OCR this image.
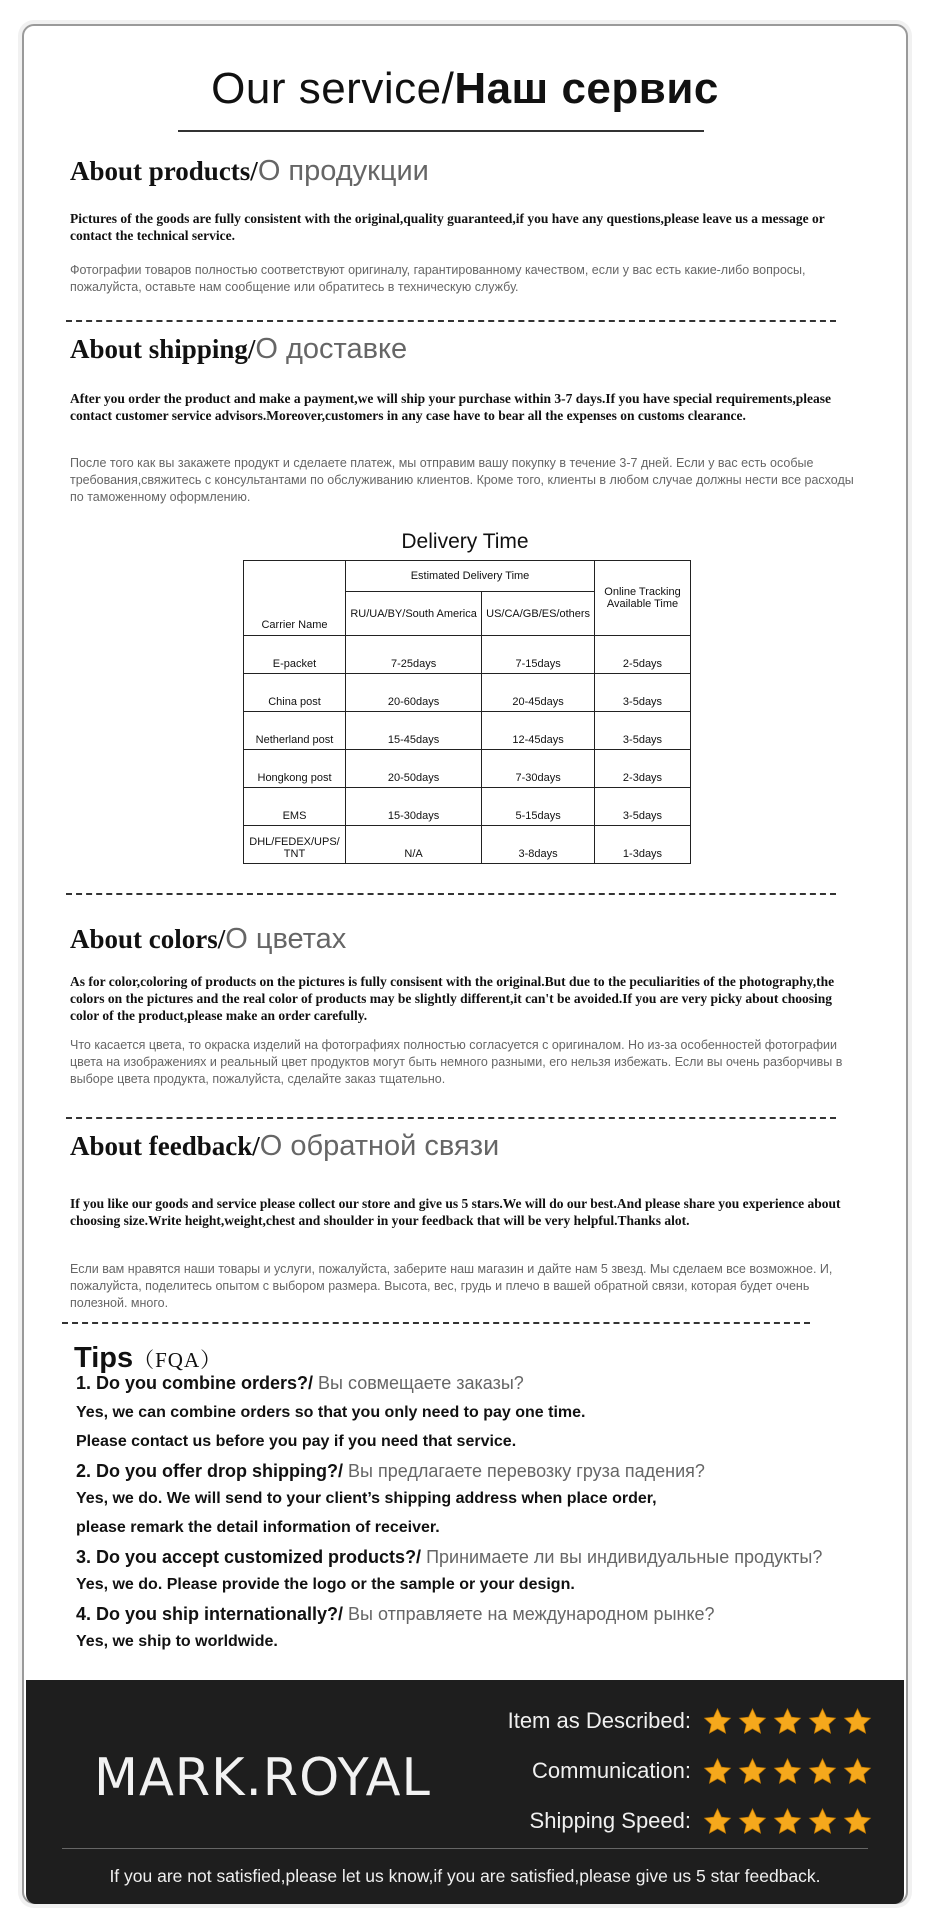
Our service/Наш сервис
About products/О продукции
Pictures of the goods are fully consistent with the original,quality guaranteed,if you have any questions,please leave us a message or contact the technical service.
Фотографии товаров полностью соответствуют оригиналу, гарантированному качеством, если у вас есть какие-либо вопросы, пожалуйста, оставьте нам сообщение или обратитесь в техническую службу.
About shipping/О доставке
After you order the product and make a payment,we will ship your purchase within 3-7 days.If you have special requirements,please contact customer service advisors.Moreover,customers in any case have to bear all the expenses on customs clearance.
После того как вы закажете продукт и сделаете платеж, мы отправим вашу покупку в течение 3-7 дней. Если у вас есть особые требования,свяжитесь с консультантами по обслуживанию клиентов. Кроме того, клиенты в любом случае должны нести все расходы по таможенному оформлению.
Delivery Time
Carrier Name	Estimated Delivery Time		Online Tracking Available Time
	RU/UA/BY/South America	US/CA/GB/ES/others	
E-packet	7-25days	7-15days	2-5days
China post	20-60days	20-45days	3-5days
Netherland post	15-45days	12-45days	3-5days
Hongkong post	20-50days	7-30days	2-3days
EMS	15-30days	5-15days	3-5days
DHL/FEDEX/UPS/ TNT	N/A	3-8days	1-3days
About colors/О цветах
As for color,coloring of products on the pictures is fully consisent with the original.But due to the peculiarities of the photography,the colors on the pictures and the real color of products may be slightly different,it can't be avoided.If you are very picky about choosing color of the product,please make an order carefully.
Что касается цвета, то окраска изделий на фотографиях полностью согласуется с оригиналом. Но из-за особенностей фотографии цвета на изображениях и реальный цвет продуктов могут быть немного разными, его нельзя избежать. Если вы очень разборчивы в выборе цвета продукта, пожалуйста, сделайте заказ тщательно.
About feedback/О обратной связи
If you like our goods and service please collect our store and give us 5 stars.We will do our best.And please share you experience about choosing size.Write height,weight,chest and shoulder in your feedback that will be very helpful.Thanks alot.
Если вам нравятся наши товары и услуги, пожалуйста, заберите наш магазин и дайте нам 5 звезд. Мы сделаем все возможное. И, пожалуйста, поделитесь опытом с выбором размера. Высота, вес, грудь и плечо в вашей обратной связи, которая будет очень полезной. много.
Tips（FQA）
1. Do you combine orders?/ Вы совмещаете заказы?
Yes, we can combine orders so that you only need to pay one time.
Please contact us before you pay if you need that service.
2. Do you offer drop shipping?/ Вы предлагаете перевозку груза падения?
Yes, we do. We will send to your client’s shipping address when place order,
please remark the detail information of receiver.
3. Do you accept customized products?/ Принимаете ли вы индивидуальные продукты?
Yes, we do. Please provide the logo or the sample or your design.
4. Do you ship internationally?/ Вы отправляете на международном рынке?
Yes, we ship to worldwide.
MARK.ROYAL
Item as Described:
Communication:
Shipping Speed:
If you are not satisfied,please let us know,if you are satisfied,please give us 5 star feedback.
